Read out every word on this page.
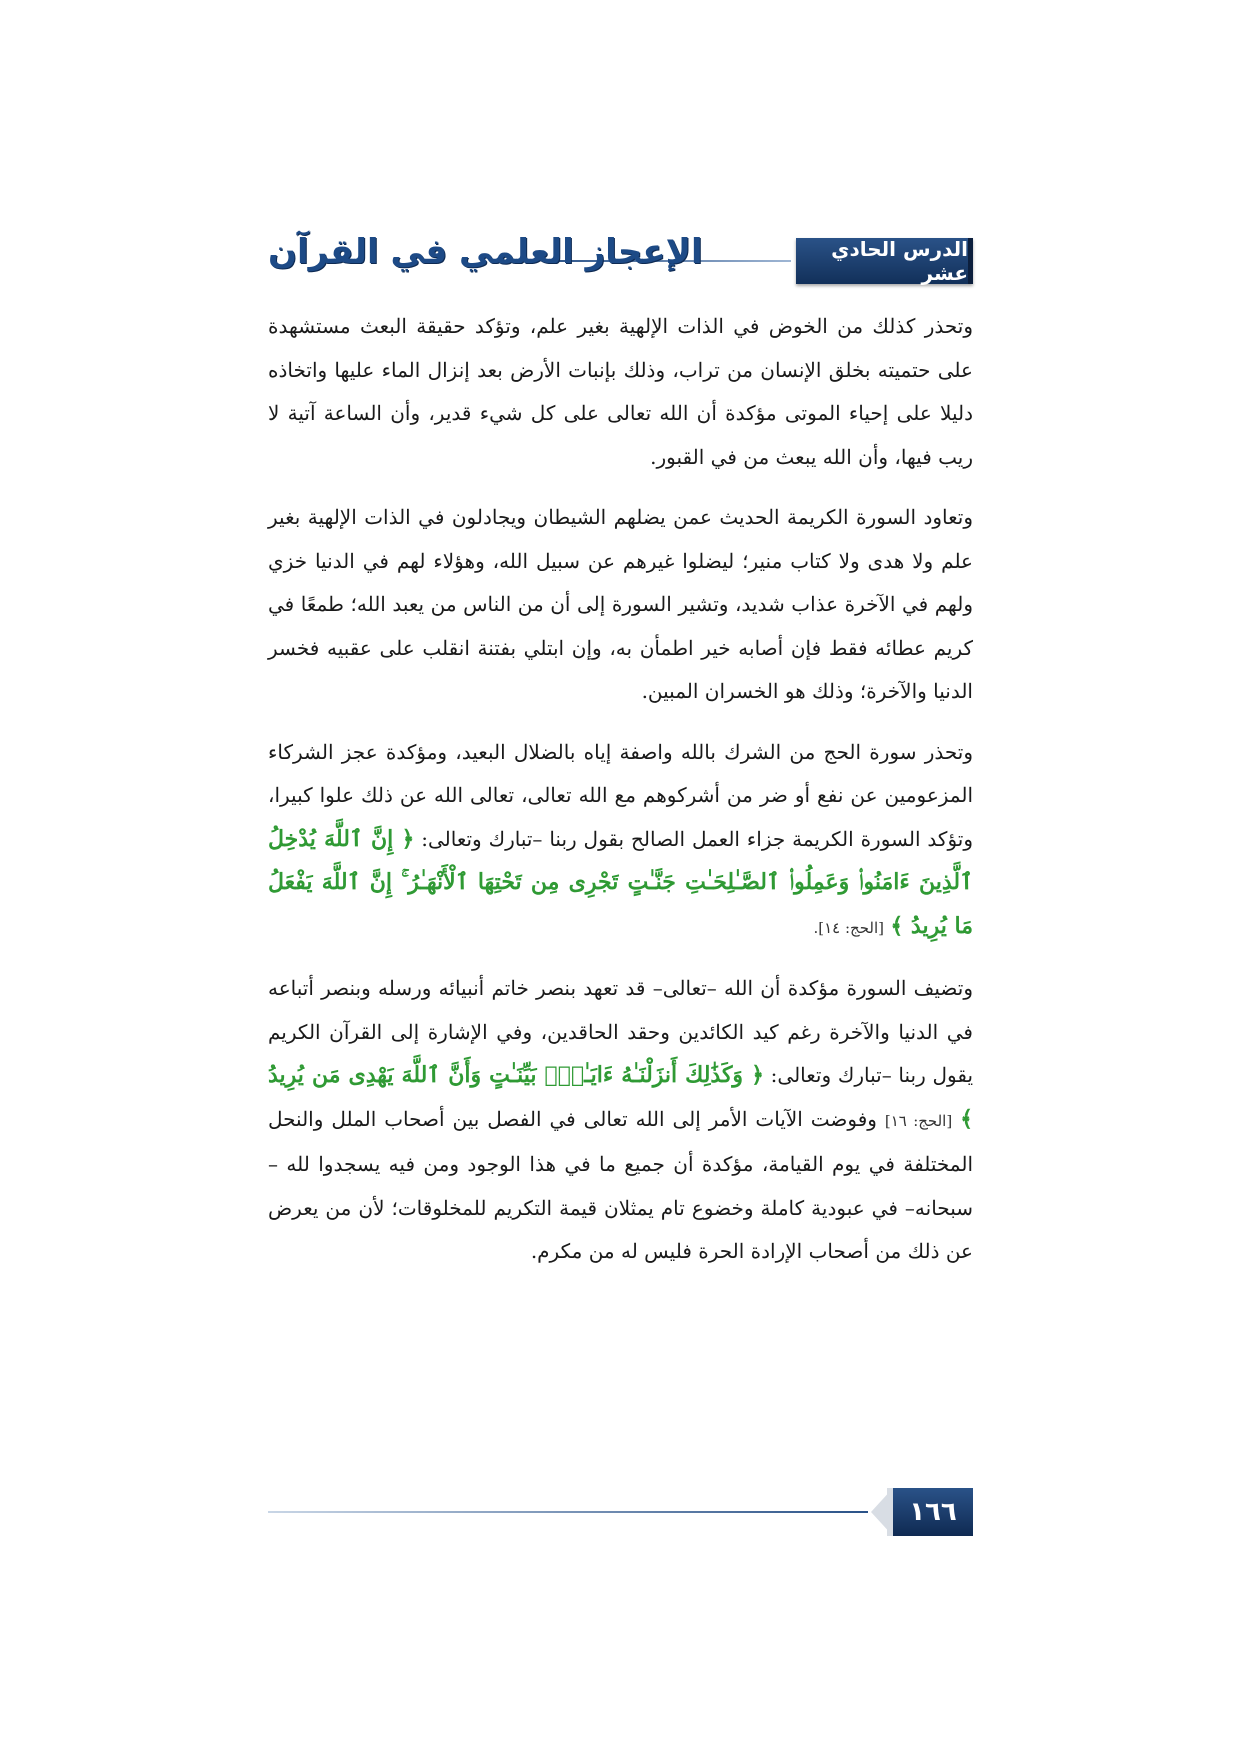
الدرس الحادي عشر
الإعجاز العلمي في القرآن

وتحذر كذلك من الخوض في الذات الإلهية بغير علم، وتؤكد حقيقة البعث مستشهدة على حتميته بخلق الإنسان من تراب، وذلك بإنبات الأرض بعد إنزال الماء عليها واتخاذه دليلا على إحياء الموتى مؤكدة أن الله تعالى على كل شيء قدير، وأن الساعة آتية لا ريب فيها، وأن الله يبعث من في القبور.

وتعاود السورة الكريمة الحديث عمن يضلهم الشيطان ويجادلون في الذات الإلهية بغير علم ولا هدى ولا كتاب منير؛ ليضلوا غيرهم عن سبيل الله، وهؤلاء لهم في الدنيا خزي ولهم في الآخرة عذاب شديد، وتشير السورة إلى أن من الناس من يعبد الله؛ طمعًا في كريم عطائه فقط فإن أصابه خير اطمأن به، وإن ابتلي بفتنة انقلب على عقبيه فخسر الدنيا والآخرة؛ وذلك هو الخسران المبين.

وتحذر سورة الحج من الشرك بالله واصفة إياه بالضلال البعيد، ومؤكدة عجز الشركاء المزعومين عن نفع أو ضر من أشركوهم مع الله تعالى، تعالى الله عن ذلك علوا كبيرا، وتؤكد السورة الكريمة جزاء العمل الصالح بقول ربنا –تبارك وتعالى: ﴿ إِنَّ ٱللَّهَ يُدْخِلُ ٱلَّذِينَ ءَامَنُوا۟ وَعَمِلُوا۟ ٱلصَّـٰلِحَـٰتِ جَنَّـٰتٍ تَجْرِى مِن تَحْتِهَا ٱلْأَنْهَـٰرُ ۚ إِنَّ ٱللَّهَ يَفْعَلُ مَا يُرِيدُ ﴾ [الحج: ١٤].

وتضيف السورة مؤكدة أن الله –تعالى– قد تعهد بنصر خاتم أنبيائه ورسله وبنصر أتباعه في الدنيا والآخرة رغم كيد الكائدين وحقد الحاقدين، وفي الإشارة إلى القرآن الكريم يقول ربنا –تبارك وتعالى: ﴿ وَكَذَٰلِكَ أَنزَلْنَـٰهُ ءَايَـٰتٍۭ بَيِّنَـٰتٍ وَأَنَّ ٱللَّهَ يَهْدِى مَن يُرِيدُ ﴾ [الحج: ١٦] وفوضت الآيات الأمر إلى الله تعالى في الفصل بين أصحاب الملل والنحل المختلفة في يوم القيامة، مؤكدة أن جميع ما في هذا الوجود ومن فيه يسجدوا لله –سبحانه– في عبودية كاملة وخضوع تام يمثلان قيمة التكريم للمخلوقات؛ لأن من يعرض عن ذلك من أصحاب الإرادة الحرة فليس له من مكرم.

١٦٦
